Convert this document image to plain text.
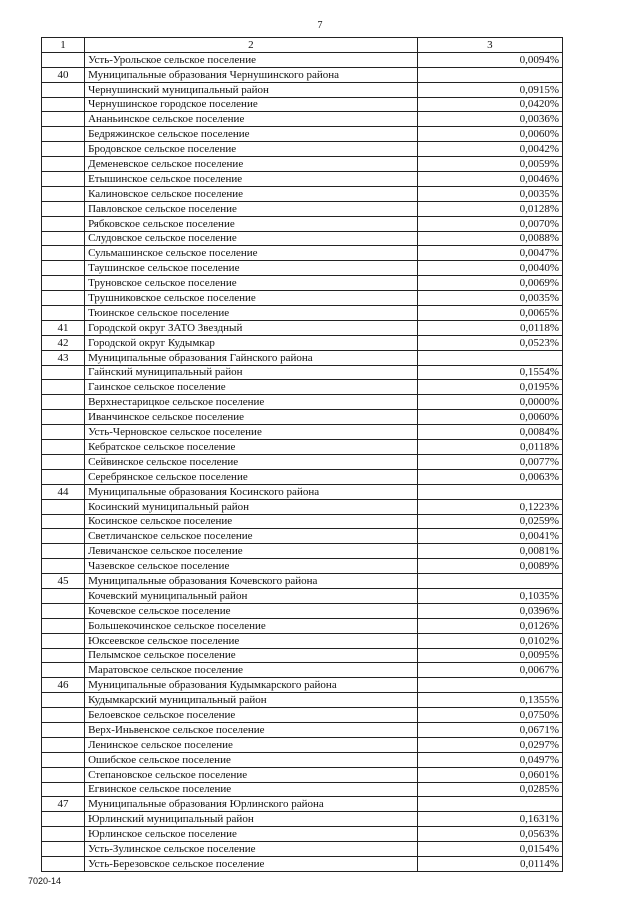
7
1	2	3
	Усть-Урольское сельское поселение	0,0094%
40	Муниципальные образования Чернушинского района	
	Чернушинский муниципальный район	0,0915%
	Чернушинское городское поселение	0,0420%
	Ананьинское сельское поселение	0,0036%
	Бедряжинское сельское поселение	0,0060%
	Бродовское сельское поселение	0,0042%
	Деменевское сельское поселение	0,0059%
	Етышинское сельское поселение	0,0046%
	Калиновское сельское поселение	0,0035%
	Павловское сельское поселение	0,0128%
	Рябковское сельское поселение	0,0070%
	Слудовское сельское поселение	0,0088%
	Сульмашинское сельское поселение	0,0047%
	Таушинское сельское поселение	0,0040%
	Труновское сельское поселение	0,0069%
	Трушниковское сельское поселение	0,0035%
	Тюинское сельское поселение	0,0065%
41	Городской округ ЗАТО Звездный	0,0118%
42	Городской округ Кудымкар	0,0523%
43	Муниципальные образования Гайнского района	
	Гайнский муниципальный район	0,1554%
	Гаинское сельское поселение	0,0195%
	Верхнестарицкое сельское поселение	0,0000%
	Иванчинское сельское поселение	0,0060%
	Усть-Черновское сельское поселение	0,0084%
	Кебратское сельское поселение	0,0118%
	Сейвинское сельское поселение	0,0077%
	Серебрянское сельское поселение	0,0063%
44	Муниципальные образования Косинского района	
	Косинский муниципальный район	0,1223%
	Косинское сельское поселение	0,0259%
	Светличанское сельское поселение	0,0041%
	Левичанское сельское поселение	0,0081%
	Чазевское сельское поселение	0,0089%
45	Муниципальные образования Кочевского района	
	Кочевский муниципальный район	0,1035%
	Кочевское сельское поселение	0,0396%
	Большекочинское сельское поселение	0,0126%
	Юксеевское сельское поселение	0,0102%
	Пелымское сельское поселение	0,0095%
	Маратовское сельское поселение	0,0067%
46	Муниципальные образования Кудымкарского района	
	Кудымкарский муниципальный район	0,1355%
	Белоевское сельское поселение	0,0750%
	Верх-Иньвенское сельское поселение	0,0671%
	Ленинское сельское поселение	0,0297%
	Ошибское сельское поселение	0,0497%
	Степановское сельское поселение	0,0601%
	Егвинское сельское поселение	0,0285%
47	Муниципальные образования Юрлинского района	
	Юрлинский муниципальный район	0,1631%
	Юрлинское сельское поселение	0,0563%
	Усть-Зулинское сельское поселение	0,0154%
	Усть-Березовское сельское поселение	0,0114%
7020-14
